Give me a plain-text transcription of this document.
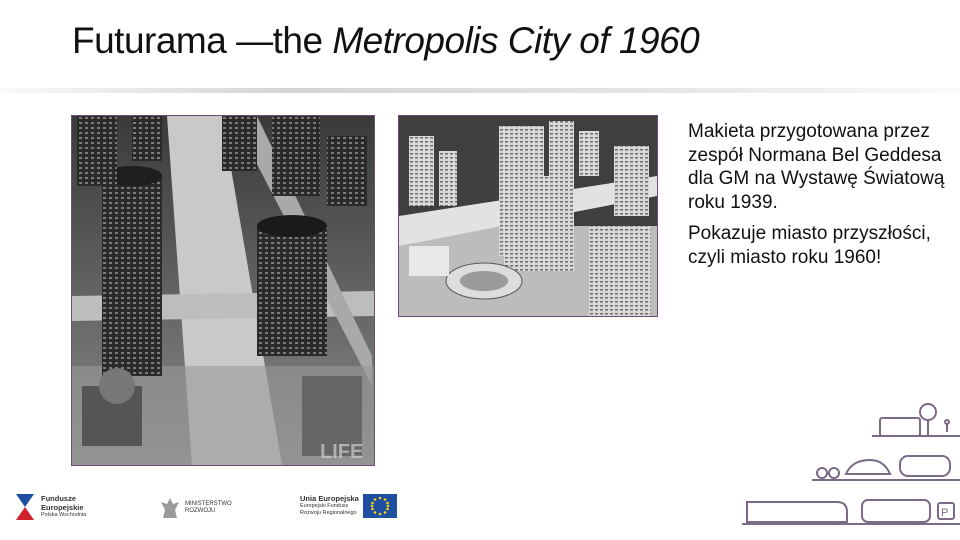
Futurama —the Metropolis City of 1960
LIFE

Makieta przygotowana przez zespół Normana Bel Geddesa dla GM na Wystawę Światową roku 1939.

Pokazuje miasto przyszłości, czyli miasto roku 1960!

P
Fundusze
Europejskie
Polska Wschodnia
MINISTERSTWO
ROZWOJU
Unia Europejska
Europejski Fundusz
Rozwoju Regionalnego
